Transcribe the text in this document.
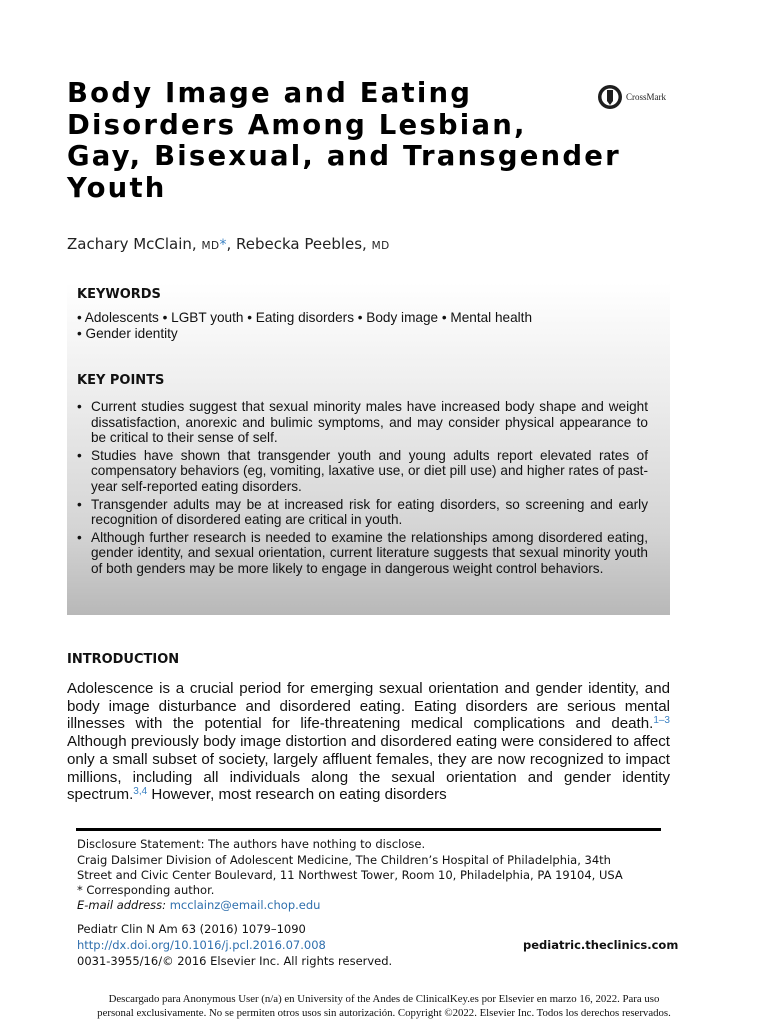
Body Image and Eating
Disorders Among Lesbian,
Gay, Bisexual, and Transgender
Youth
CrossMark
Zachary McClain, MD*, Rebecka Peebles, MD
KEYWORDS
• Adolescents • LGBT youth • Eating disorders • Body image • Mental health
• Gender identity
KEY POINTS
• Current studies suggest that sexual minority males have increased body shape and weight dissatisfaction, anorexic and bulimic symptoms, and may consider physical appearance to be critical to their sense of self.
• Studies have shown that transgender youth and young adults report elevated rates of compensatory behaviors (eg, vomiting, laxative use, or diet pill use) and higher rates of past-year self-reported eating disorders.
• Transgender adults may be at increased risk for eating disorders, so screening and early recognition of disordered eating are critical in youth.
• Although further research is needed to examine the relationships among disordered eating, gender identity, and sexual orientation, current literature suggests that sexual minority youth of both genders may be more likely to engage in dangerous weight control behaviors.
INTRODUCTION

Adolescence is a crucial period for emerging sexual orientation and gender identity, and body image disturbance and disordered eating. Eating disorders are serious mental illnesses with the potential for life-threatening medical complications and death.$^{1-3}$ Although previously body image distortion and disordered eating were considered to affect only a small subset of society, largely affluent females, they are now recognized to impact millions, including all individuals along the sexual orientation and gender identity spectrum.$^{3,4}$ However, most research on eating disorders

Disclosure Statement: The authors have nothing to disclose.
Craig Dalsimer Division of Adolescent Medicine, The Children’s Hospital of Philadelphia, 34th
Street and Civic Center Boulevard, 11 Northwest Tower, Room 10, Philadelphia, PA 19104, USA
* Corresponding author.
E-mail address: mcclainz@email.chop.edu
Pediatr Clin N Am 63 (2016) 1079–1090
http://dx.doi.org/10.1016/j.pcl.2016.07.008
0031-3955/16/© 2016 Elsevier Inc. All rights reserved.
pediatric.theclinics.com
Descargado para Anonymous User (n/a) en University of the Andes de ClinicalKey.es por Elsevier en marzo 16, 2022. Para uso
personal exclusivamente. No se permiten otros usos sin autorización. Copyright ©2022. Elsevier Inc. Todos los derechos reservados.
